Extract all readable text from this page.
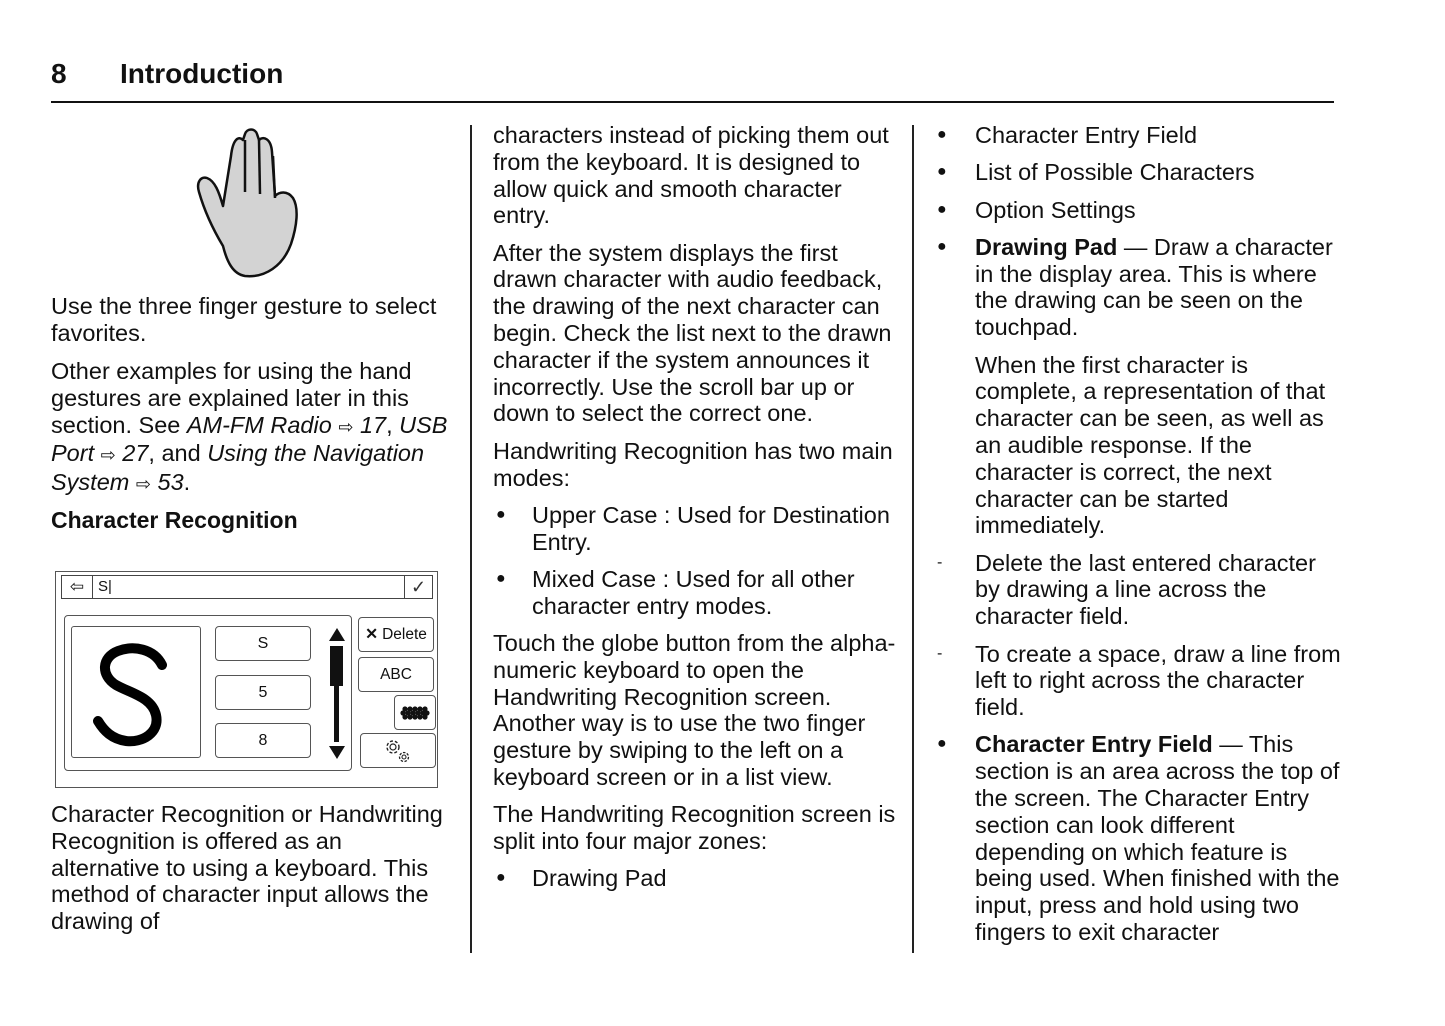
8 Introduction

Use the three finger gesture to select favorites.

Other examples for using the hand gestures are explained later in this section. See AM-FM Radio ⇨ 17, USB Port ⇨ 27, and Using the Navigation System ⇨ 53.

Character Recognition
⇦ S|	✓
S
5
8
✕ Delete
ABC

Character Recognition or Handwriting Recognition is offered as an alternative to using a keyboard. This method of character input allows the drawing of

characters instead of picking them out from the keyboard. It is designed to allow quick and smooth character entry.

After the system displays the first drawn character with audio feedback, the drawing of the next character can begin. Check the list next to the drawn character if the system announces it incorrectly. Use the scroll bar up or down to select the correct one.

Handwriting Recognition has two main modes:

● Upper Case : Used for Destination Entry.
● Mixed Case : Used for all other character entry modes.

Touch the globe button from the alpha-numeric keyboard to open the Handwriting Recognition screen. Another way is to use the two finger gesture by swiping to the left on a keyboard screen or in a list view.

The Handwriting Recognition screen is split into four major zones:

● Drawing Pad
● Character Entry Field
● List of Possible Characters
● Option Settings
● Drawing Pad — Draw a character in the display area. This is where the drawing can be seen on the touchpad.

When the first character is complete, a representation of that character can be seen, as well as an audible response. If the character is correct, the next character can be started immediately.

- Delete the last entered character by drawing a line across the character field.
- To create a space, draw a line from left to right across the character field.
● Character Entry Field — This section is an area across the top of the screen. The Character Entry section can look different depending on which feature is being used. When finished with the input, press and hold using two fingers to exit character
